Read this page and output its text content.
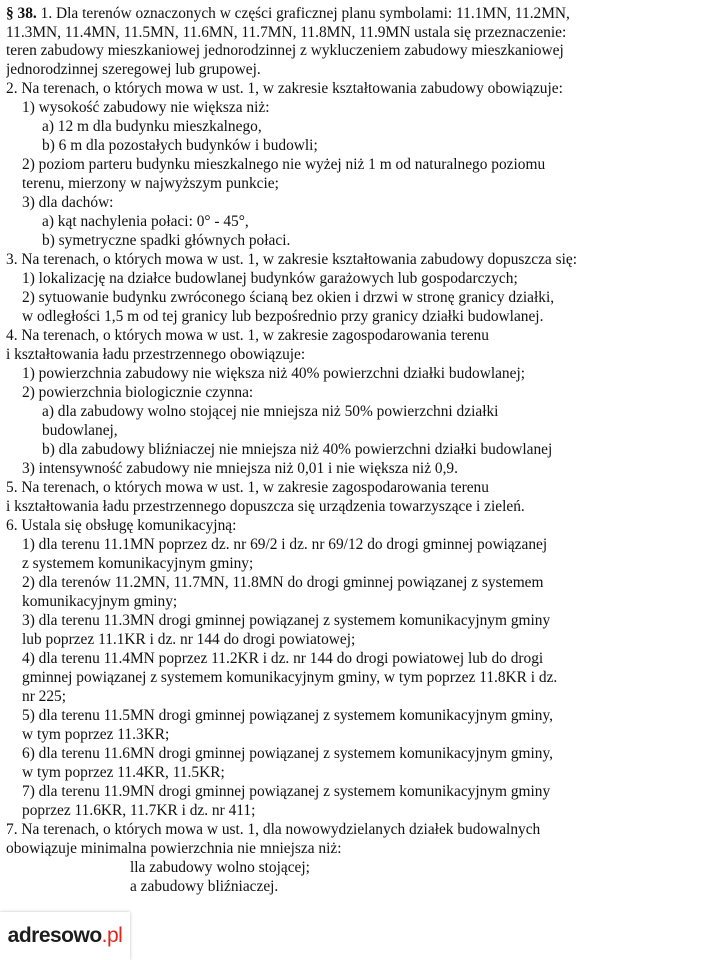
§ 38. 1. Dla terenów oznaczonych w części graficznej planu symbolami: 11.1MN, 11.2MN,
11.3MN, 11.4MN, 11.5MN, 11.6MN, 11.7MN, 11.8MN, 11.9MN ustala się przeznaczenie:
teren zabudowy mieszkaniowej jednorodzinnej z wykluczeniem zabudowy mieszkaniowej
jednorodzinnej szeregowej lub grupowej.
2. Na terenach, o których mowa w ust. 1, w zakresie kształtowania zabudowy obowiązuje:
1) wysokość zabudowy nie większa niż:
a) 12 m dla budynku mieszkalnego,
b) 6 m dla pozostałych budynków i budowli;
2) poziom parteru budynku mieszkalnego nie wyżej niż 1 m od naturalnego poziomu
terenu, mierzony w najwyższym punkcie;
3) dla dachów:
a) kąt nachylenia połaci: 0° - 45°,
b) symetryczne spadki głównych połaci.
3. Na terenach, o których mowa w ust. 1, w zakresie kształtowania zabudowy dopuszcza się:
1) lokalizację na działce budowlanej budynków garażowych lub gospodarczych;
2) sytuowanie budynku zwróconego ścianą bez okien i drzwi w stronę granicy działki,
w odległości 1,5 m od tej granicy lub bezpośrednio przy granicy działki budowlanej.
4. Na terenach, o których mowa w ust. 1, w zakresie zagospodarowania terenu
i kształtowania ładu przestrzennego obowiązuje:
1) powierzchnia zabudowy nie większa niż 40% powierzchni działki budowlanej;
2) powierzchnia biologicznie czynna:
a) dla zabudowy wolno stojącej nie mniejsza niż 50% powierzchni działki
budowlanej,
b) dla zabudowy bliźniaczej nie mniejsza niż 40% powierzchni działki budowlanej
3) intensywność zabudowy nie mniejsza niż 0,01 i nie większa niż 0,9.
5. Na terenach, o których mowa w ust. 1, w zakresie zagospodarowania terenu
i kształtowania ładu przestrzennego dopuszcza się urządzenia towarzyszące i zieleń.
6. Ustala się obsługę komunikacyjną:
1) dla terenu 11.1MN poprzez dz. nr 69/2 i dz. nr 69/12 do drogi gminnej powiązanej
z systemem komunikacyjnym gminy;
2) dla terenów 11.2MN, 11.7MN, 11.8MN do drogi gminnej powiązanej z systemem
komunikacyjnym gminy;
3) dla terenu 11.3MN drogi gminnej powiązanej z systemem komunikacyjnym gminy
lub poprzez 11.1KR i dz. nr 144 do drogi powiatowej;
4) dla terenu 11.4MN poprzez 11.2KR i dz. nr 144 do drogi powiatowej lub do drogi
gminnej powiązanej z systemem komunikacyjnym gminy, w tym poprzez 11.8KR i dz.
nr 225;
5) dla terenu 11.5MN drogi gminnej powiązanej z systemem komunikacyjnym gminy,
w tym poprzez 11.3KR;
6) dla terenu 11.6MN drogi gminnej powiązanej z systemem komunikacyjnym gminy,
w tym poprzez 11.4KR, 11.5KR;
7) dla terenu 11.9MN drogi gminnej powiązanej z systemem komunikacyjnym gminy
poprzez 11.6KR, 11.7KR i dz. nr 411;
7. Na terenach, o których mowa w ust. 1, dla nowowydzielanych działek budowalnych
obowiązuje minimalna powierzchnia nie mniejsza niż:
lla zabudowy wolno stojącej;
a zabudowy bliźniaczej.
adresowo .pl
